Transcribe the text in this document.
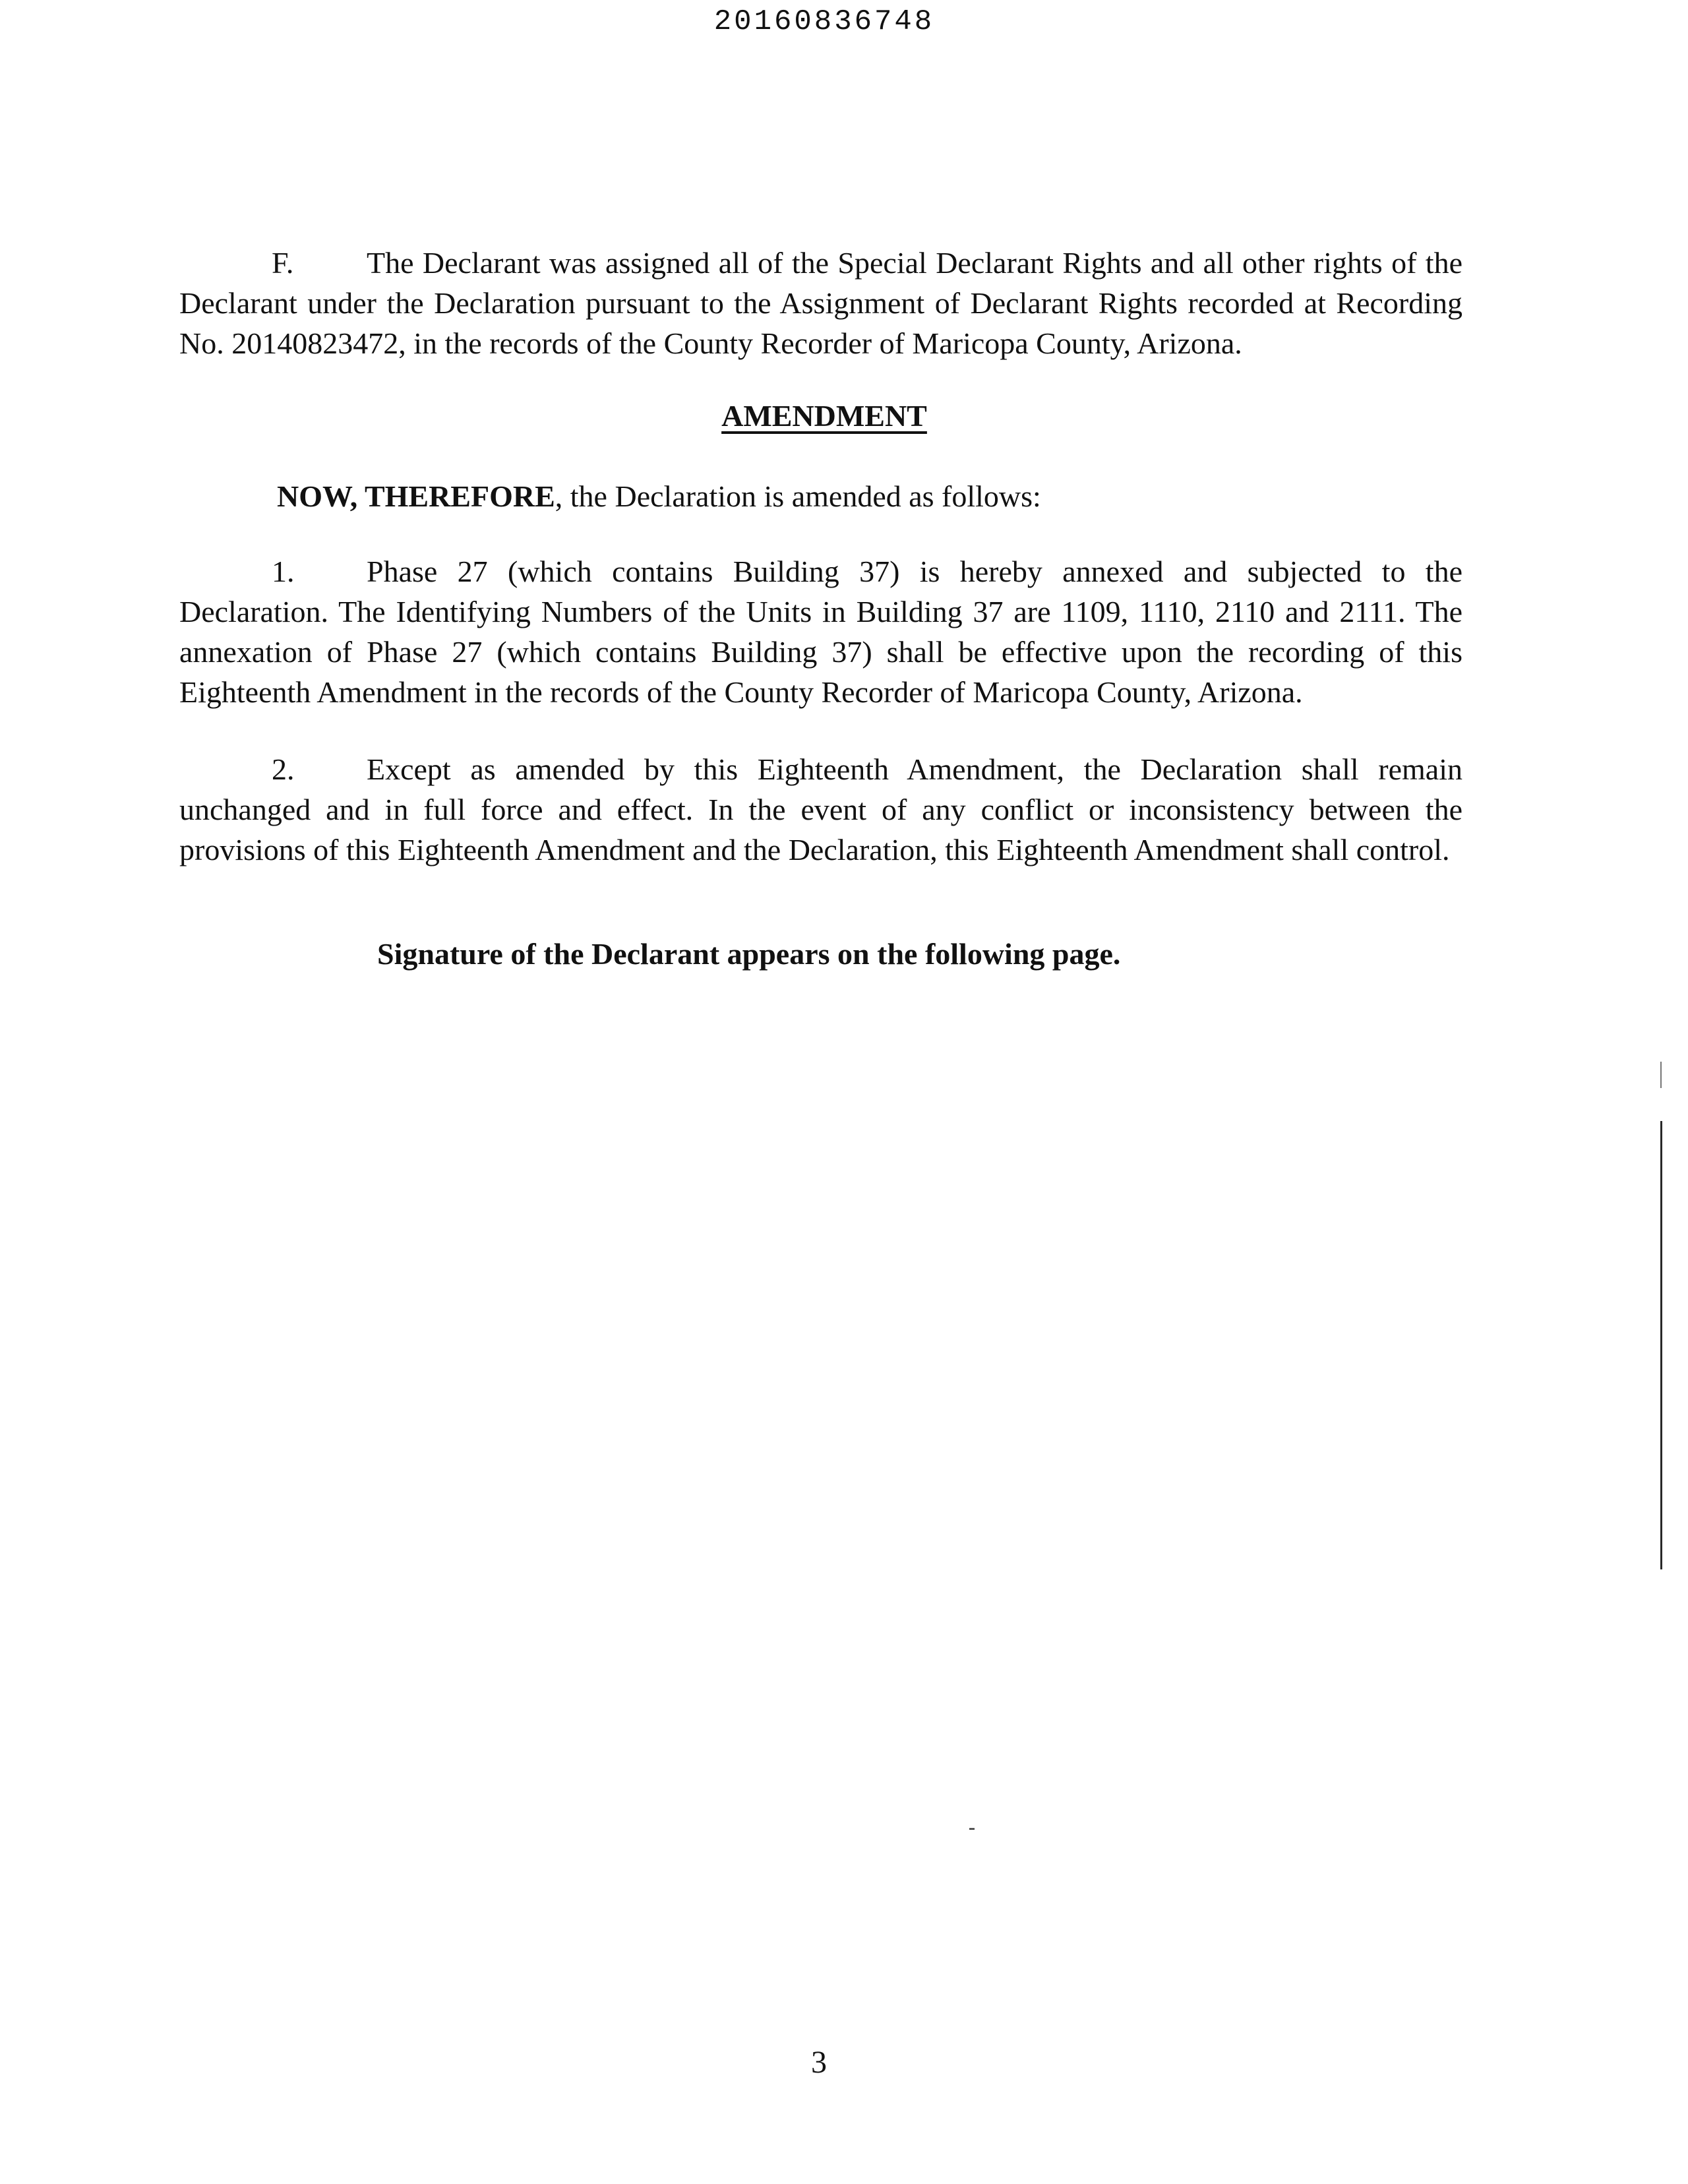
20160836748

F. The Declarant was assigned all of the Special Declarant Rights and all other rights of the Declarant under the Declaration pursuant to the Assignment of Declarant Rights recorded at Recording No. 20140823472, in the records of the County Recorder of Maricopa County, Arizona.

AMENDMENT
NOW, THEREFORE, the Declaration is amended as follows:

1. Phase 27 (which contains Building 37) is hereby annexed and subjected to the Declaration. The Identifying Numbers of the Units in Building 37 are 1109, 1110, 2110 and 2111. The annexation of Phase 27 (which contains Building 37) shall be effective upon the recording of this Eighteenth Amendment in the records of the County Recorder of Maricopa County, Arizona.

2. Except as amended by this Eighteenth Amendment, the Declaration shall remain unchanged and in full force and effect. In the event of any conflict or inconsistency between the provisions of this Eighteenth Amendment and the Declaration, this Eighteenth Amendment shall control.

Signature of the Declarant appears on the following page.
3
